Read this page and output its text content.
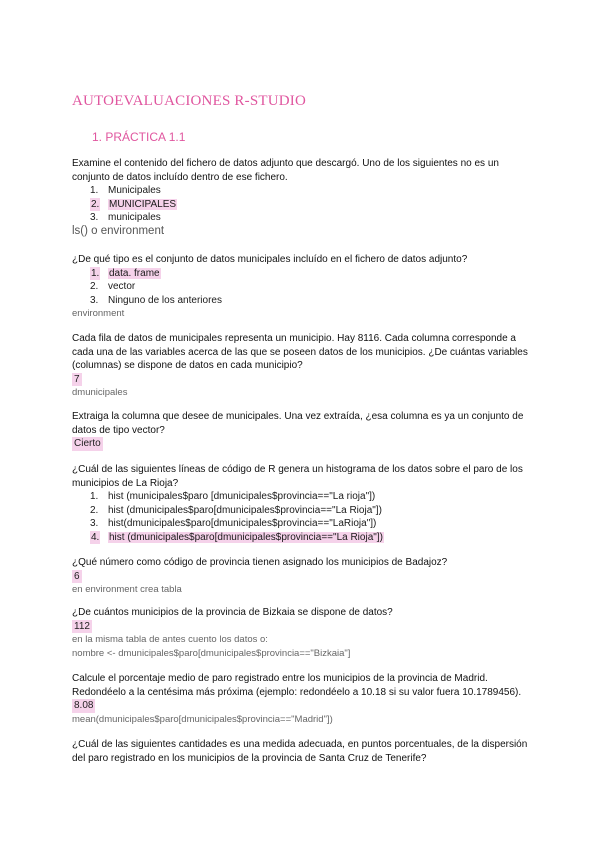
AUTOEVALUACIONES R-STUDIO
1. PRÁCTICA 1.1
Examine el contenido del fichero de datos adjunto que descargó. Uno de los siguientes no es un conjunto de datos incluído dentro de ese fichero.
1. Municipales
2. MUNICIPALES
3. municipales
ls() o environment
¿De qué tipo es el conjunto de datos municipales incluído en el fichero de datos adjunto?
1. data. frame
2. vector
3. Ninguno de los anteriores
environment
Cada fila de datos de municipales representa un municipio. Hay 8116. Cada columna corresponde a cada una de las variables acerca de las que se poseen datos de los municipios. ¿De cuántas variables (columnas) se dispone de datos en cada municipio?
7
dmunicipales
Extraiga la columna que desee de municipales. Una vez extraída, ¿esa columna es ya un conjunto de datos de tipo vector?
Cierto
¿Cuál de las siguientes líneas de código de R genera un histograma de los datos sobre el paro de los municipios de La Rioja?
1. hist (municipales$paro [dmunicipales$provincia=="La rioja"])
2. hist (dmunicipales$paro[dmunicipales$provincia=="La Rioja"])
3. hist(dmunicipales$paro[dmunicipales$provincia=="LaRioja"])
4. hist (dmunicipales$paro[dmunicipales$provincia=="La Rioja"])
¿Qué número como código de provincia tienen asignado los municipios de Badajoz?
6
en environment crea tabla
¿De cuántos municipios de la provincia de Bizkaia se dispone de datos?
112
en la misma tabla de antes cuento los datos o:
nombre <- dmunicipales$paro[dmunicipales$provincia=="Bizkaia"]
Calcule el porcentaje medio de paro registrado entre los municipios de la provincia de Madrid. Redondéelo a la centésima más próxima (ejemplo: redondéelo a 10.18 si su valor fuera 10.1789456).
8.08
mean(dmunicipales$paro[dmunicipales$provincia=="Madrid"])
¿Cuál de las siguientes cantidades es una medida adecuada, en puntos porcentuales, de la dispersión del paro registrado en los municipios de la provincia de Santa Cruz de Tenerife?
